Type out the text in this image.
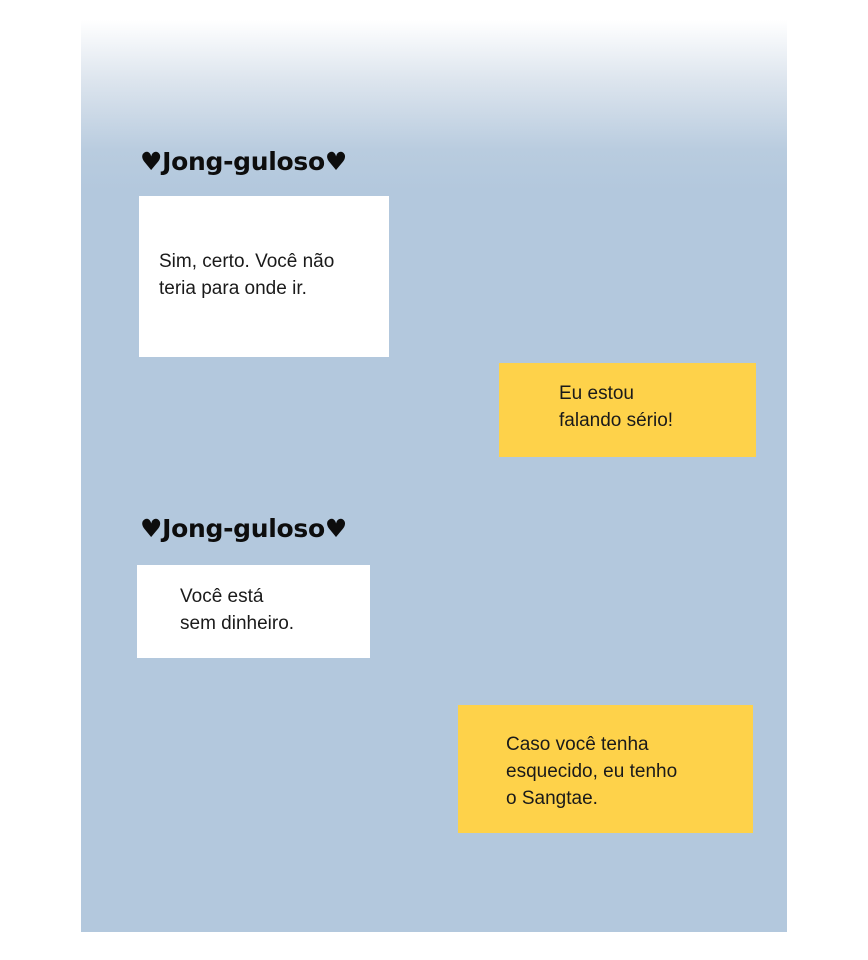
♥Jong-guloso♥
Sim, certo. Você não
teria para onde ir.
Eu estou
falando sério!
♥Jong-guloso♥
Você está
sem dinheiro.
Caso você tenha
esquecido, eu tenho
o Sangtae.
